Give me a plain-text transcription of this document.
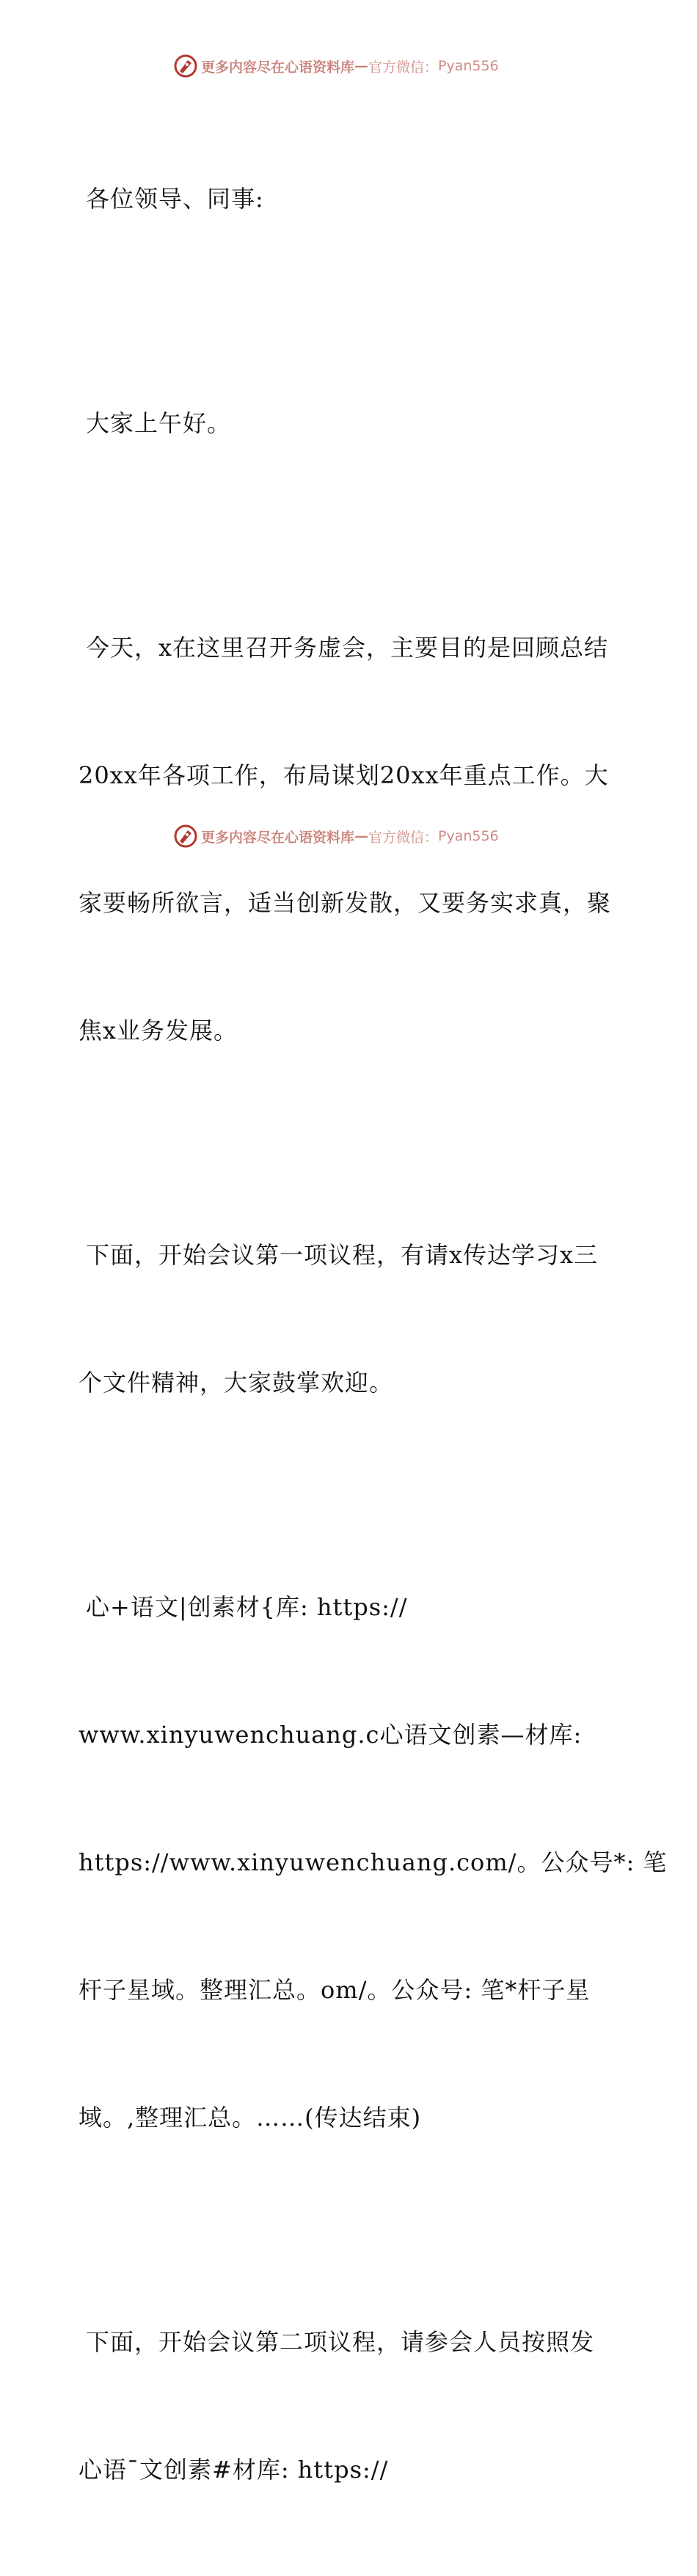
更多内容尽在心语资料库 — 官方微信： Pyan556

各位领导、同事:

大家上午好。

今天，x在这里召开务虚会，主要目的是回顾总结

20xx年各项工作，布局谋划20xx年重点工作。大

家要畅所欲言，适当创新发散，又要务实求真，聚

焦x业务发展。

下面，开始会议第一项议程，有请x传达学习x三

个文件精神，大家鼓掌欢迎。

心+语文|创素材{库: https://

www.xinyuwenchuang.c心语文创素—材库:

https://www.xinyuwenchuang.com/。公众号*: 笔

杆子星域。整理汇总。om/。公众号: 笔*杆子星

域。,整理汇总。……(传达结束)

下面，开始会议第二项议程，请参会人员按照发

心语¯文创素#材库: https://

更多内容尽在心语资料库 — 官方微信： Pyan556
